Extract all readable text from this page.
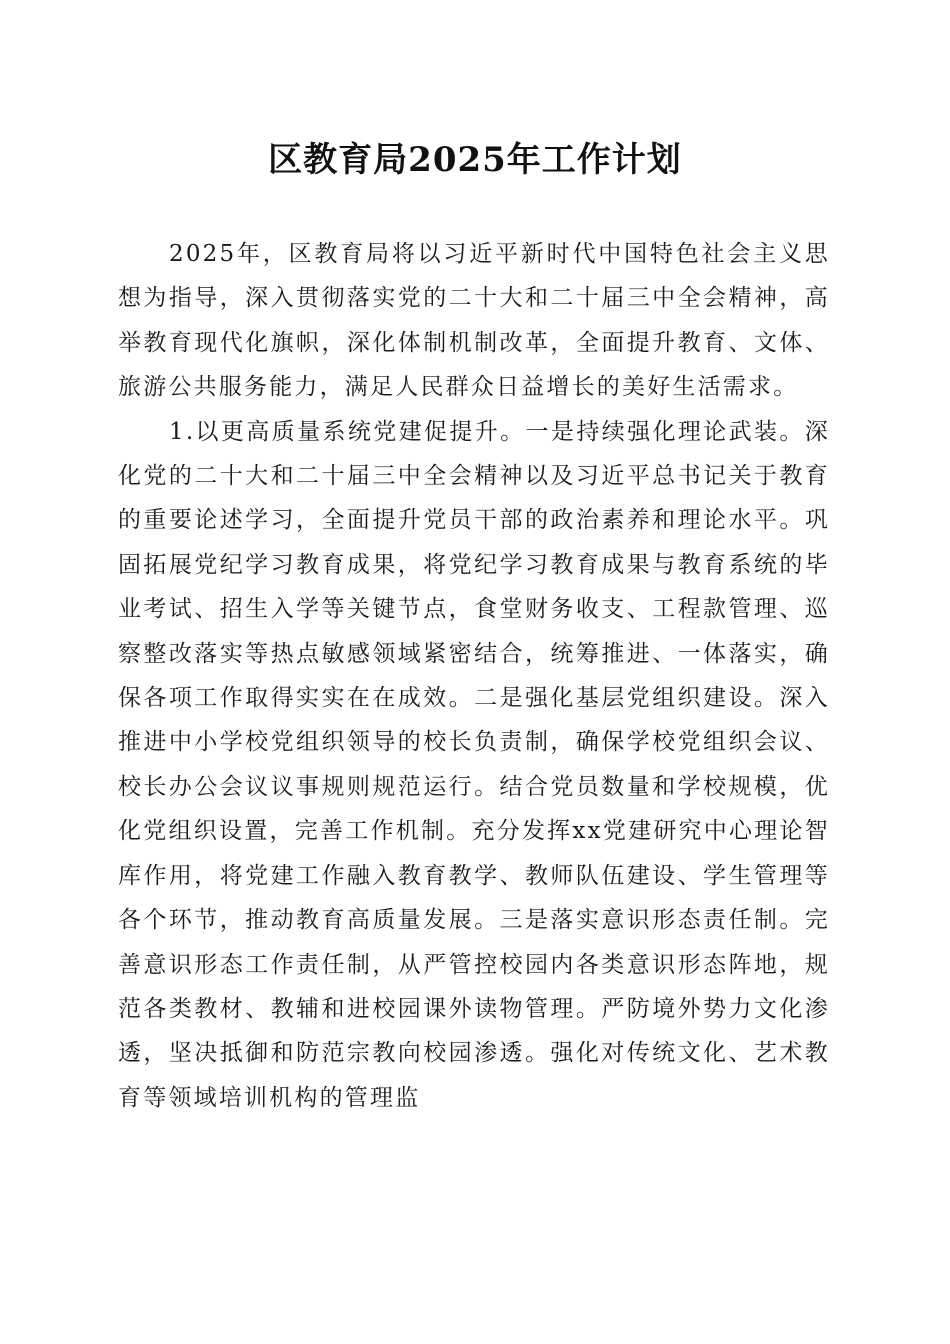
区教育局2025年工作计划

2025年，区教育局将以习近平新时代中国特色社会主义思想为指导，深入贯彻落实党的二十大和二十届三中全会精神，高举教育现代化旗帜，深化体制机制改革，全面提升教育、文体、旅游公共服务能力，满足人民群众日益增长的美好生活需求。

1.以更高质量系统党建促提升。一是持续强化理论武装。深化党的二十大和二十届三中全会精神以及习近平总书记关于教育的重要论述学习，全面提升党员干部的政治素养和理论水平。巩固拓展党纪学习教育成果，将党纪学习教育成果与教育系统的毕业考试、招生入学等关键节点，食堂财务收支、工程款管理、巡察整改落实等热点敏感领域紧密结合，统筹推进、一体落实，确保各项工作取得实实在在成效。二是强化基层党组织建设。深入推进中小学校党组织领导的校长负责制，确保学校党组织会议、校长办公会议议事规则规范运行。结合党员数量和学校规模，优化党组织设置，完善工作机制。充分发挥xx党建研究中心理论智库作用，将党建工作融入教育教学、教师队伍建设、学生管理等各个环节，推动教育高质量发展。三是落实意识形态责任制。完善意识形态工作责任制，从严管控校园内各类意识形态阵地，规范各类教材、教辅和进校园课外读物管理。严防境外势力文化渗透，坚决抵御和防范宗教向校园渗透。强化对传统文化、艺术教育等领域培训机构的管理监
